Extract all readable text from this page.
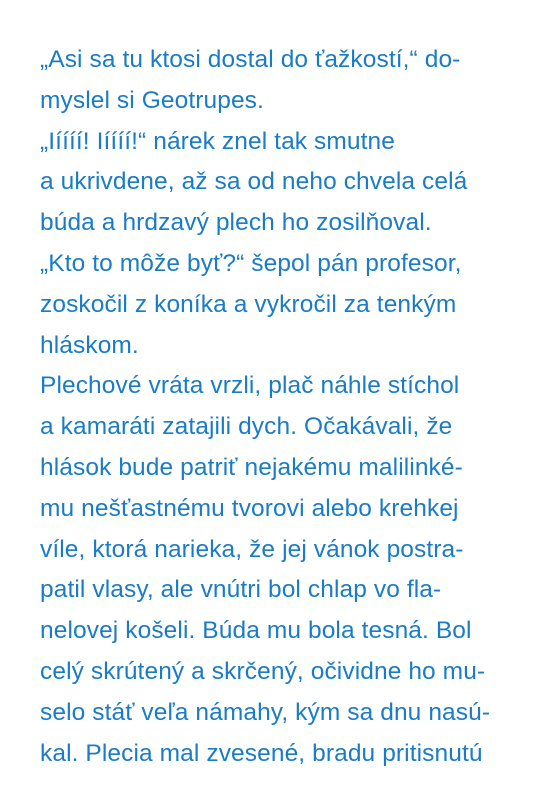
„Asi sa tu ktosi dostal do ťažkostí,“ do-
myslel si Geotrupes.
„Iíííí! Iíííí!“ nárek znel tak smutne
a ukrivdene, až sa od neho chvela celá
búda a hrdzavý plech ho zosilňoval.
„Kto to môže byť?“ šepol pán profesor,
zoskočil z koníka a vykročil za tenkým
hláskom.
Plechové vráta vrzli, plač náhle stíchol
a kamaráti zatajili dych. Očakávali, že
hlások bude patriť nejakému malilinké-
mu nešťastnému tvorovi alebo krehkej
víle, ktorá narieka, že jej vánok postra-
patil vlasy, ale vnútri bol chlap vo fla-
nelovej košeli. Búda mu bola tesná. Bol
celý skrútený a skrčený, očividne ho mu-
selo stáť veľa námahy, kým sa dnu nasú-
kal. Plecia mal zvesené, bradu pritisnutú
